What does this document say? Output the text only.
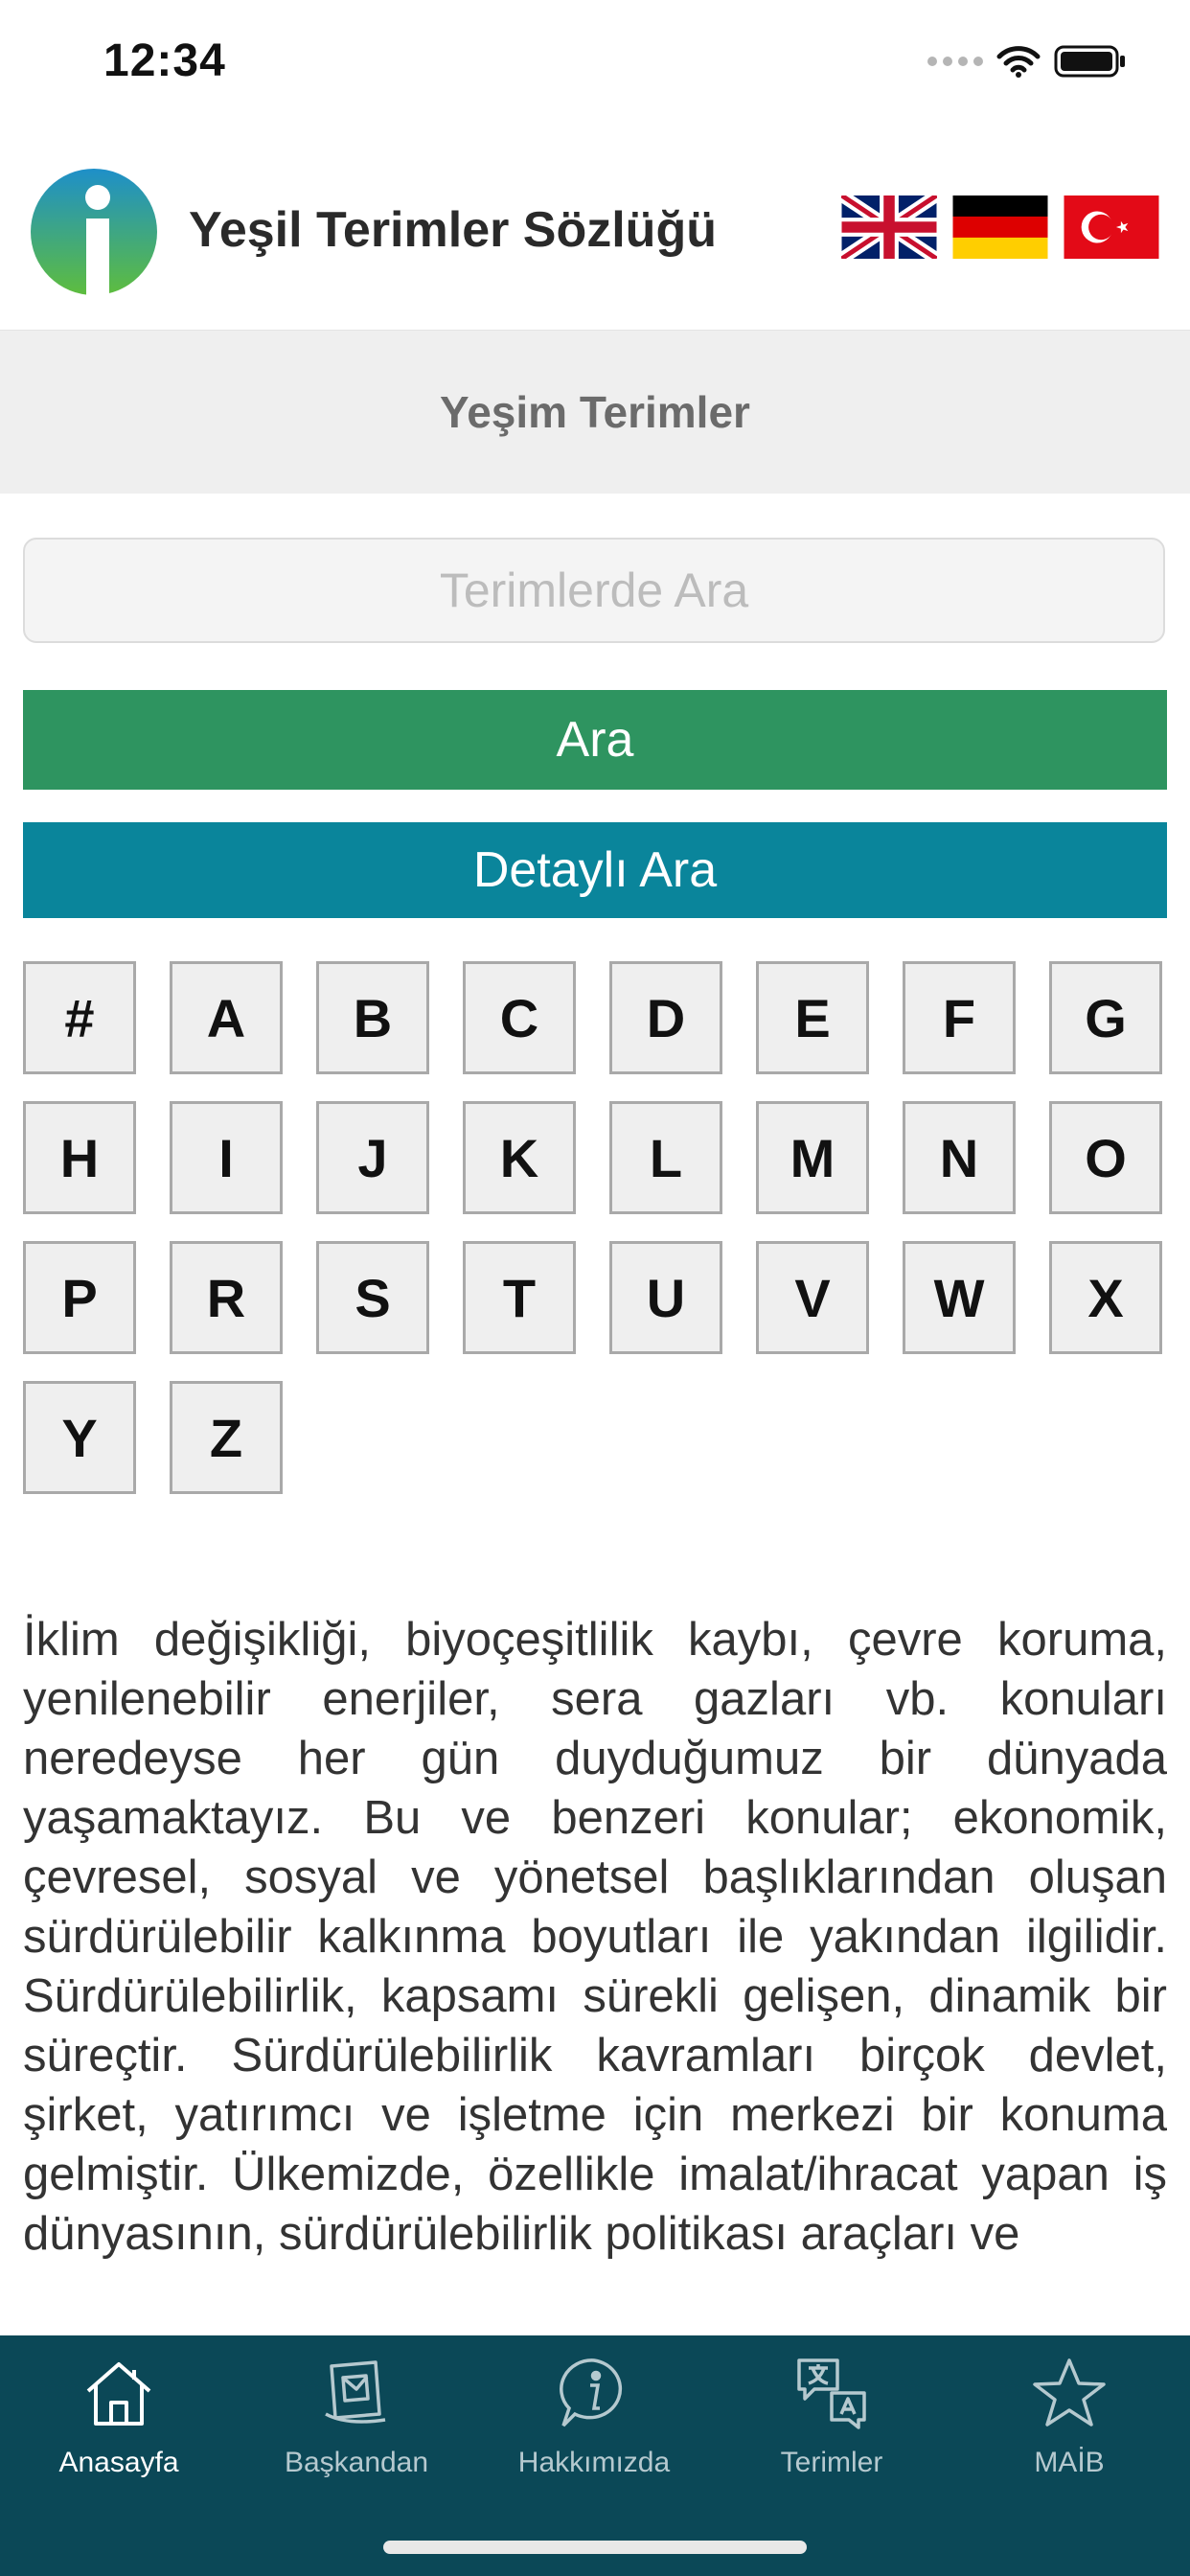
12:34
Yeşil Terimler Sözlüğü
Yeşim Terimler
Terimlerde Ara
Ara
Detaylı Ara
#	A	B	C	D	E	F	G
H	I	J	K	L	M	N	O
P	R	S	T	U	V	W	X
Y	Z

İklim değişikliği, biyoçeşitlilik kaybı, çevre koruma, yenilenebilir enerjiler, sera gazları vb. konuları neredeyse her gün duyduğumuz bir dünyada yaşamaktayız. Bu ve benzeri konular; ekonomik, çevresel, sosyal ve yönetsel başlıklarından oluşan sürdürülebilir kalkınma boyutları ile yakından ilgilidir. Sürdürülebilirlik, kapsamı sürekli gelişen, dinamik bir süreçtir. Sürdürülebilirlik kavramları birçok devlet, şirket, yatırımcı ve işletme için merkezi bir konuma gelmiştir. Ülkemizde, özellikle imalat/ihracat yapan iş dünyasının, sürdürülebilirlik politikası araçları ve

Anasayfa	Başkandan	Hakkımızda	Terimler	MAİB
